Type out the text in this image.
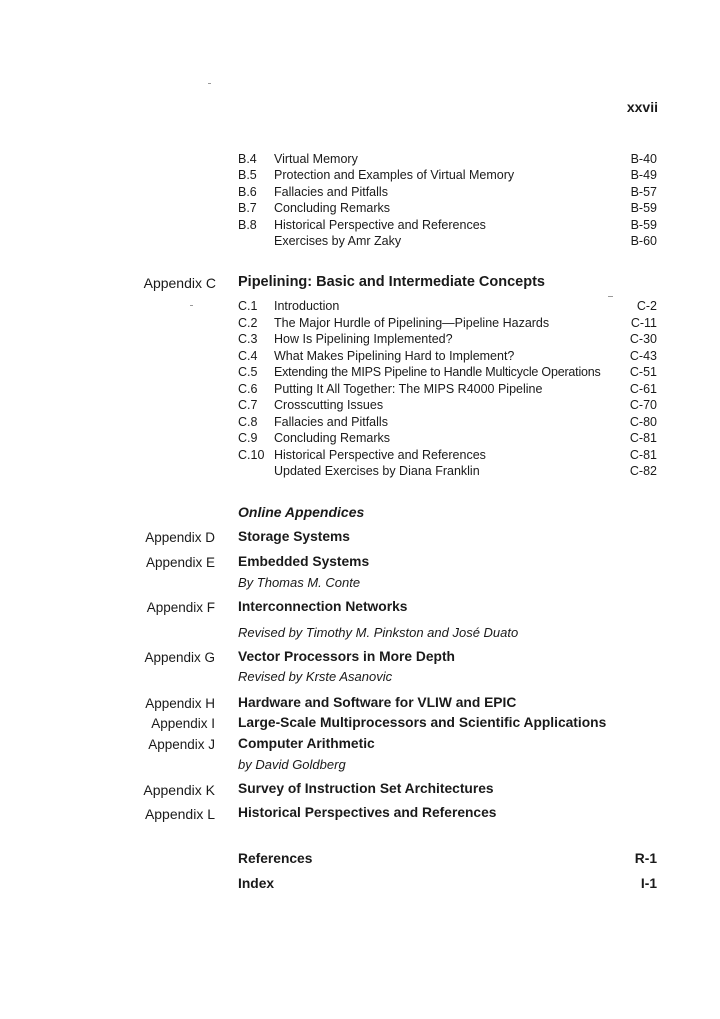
xxvii
B.4 Virtual Memory	B-40
B.5 Protection and Examples of Virtual Memory	B-49
B.6 Fallacies and Pitfalls	B-57
B.7 Concluding Remarks	B-59
B.8 Historical Perspective and References	B-59
Exercises by Amr Zaky	B-60
Appendix C Pipelining: Basic and Intermediate Concepts
C.1 Introduction	C-2
C.2 The Major Hurdle of Pipelining—Pipeline Hazards	C-11
C.3 How Is Pipelining Implemented?	C-30
C.4 What Makes Pipelining Hard to Implement?	C-43
C.5 Extending the MIPS Pipeline to Handle Multicycle Operations	C-51
C.6 Putting It All Together: The MIPS R4000 Pipeline	C-61
C.7 Crosscutting Issues	C-70
C.8 Fallacies and Pitfalls	C-80
C.9 Concluding Remarks	C-81
C.10 Historical Perspective and References	C-81
Updated Exercises by Diana Franklin	C-82
Online Appendices
Appendix D Storage Systems
Appendix E Embedded Systems
By Thomas M. Conte
Appendix F Interconnection Networks
Revised by Timothy M. Pinkston and José Duato
Appendix G Vector Processors in More Depth
Revised by Krste Asanovic
Appendix H Hardware and Software for VLIW and EPIC
Appendix I Large-Scale Multiprocessors and Scientific Applications
Appendix J Computer Arithmetic
by David Goldberg
Appendix K Survey of Instruction Set Architectures
Appendix L Historical Perspectives and References
References	R-1
Index	I-1
